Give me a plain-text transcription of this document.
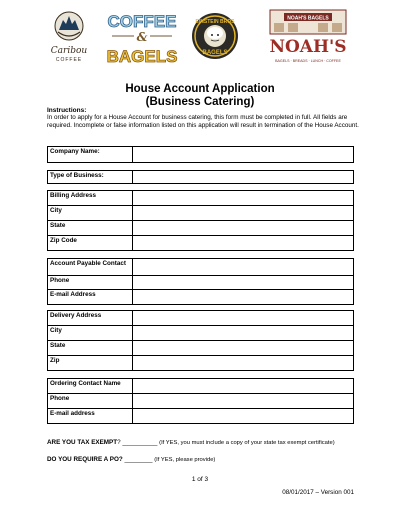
Caribou
COFFEE
COFFEE
&
BAGELS
EINSTEIN BROS
BAGELS
NOAH'S BAGELS
NOAH'S
BAGELS · BREADS · LUNCH · COFFEE
House Account Application
(Business Catering)
Instructions:
In order to apply for a House Account for business catering, this form must be completed in full. All fields are required. Incomplete or false information listed on this application will result in termination of the House Account.
Company Name:	
Type of Business:	
Billing Address	
City	
State	
Zip Code	
Account Payable Contact	
Phone	
E-mail Address	
Delivery Address	
City	
State	
Zip	
Ordering Contact Name	
Phone	
E-mail address	
ARE YOU TAX EXEMPT? __________ (If YES, you must include a copy of your state tax exempt certificate)
DO YOU REQUIRE A PO? ________ (If YES, please provide)
1 of 3
08/01/2017 – Version 001
